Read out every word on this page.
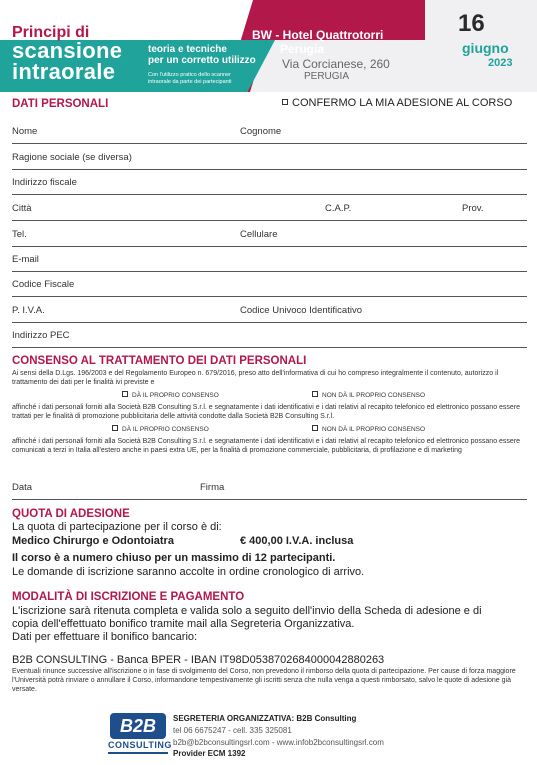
Principi di
scansione
intraorale
teoria e tecniche
per un corretto utilizzo
Con l'utilizzo pratico dello scanner
intraorale da parte dei partecipanti
BW - Hotel Quattrotorri
Perugia
Via Corcianese, 260
PERUGIA
16
giugno
2023
DATI PERSONALI	CONFERMO LA MIA ADESIONE AL CORSO
Nome	Cognome
Ragione sociale (se diversa)
Indirizzo fiscale
Città	C.A.P.	Prov.
Tel.	Cellulare
E-mail
Codice Fiscale
P. I.V.A.	Codice Univoco Identificativo
Indirizzo PEC
CONSENSO AL TRATTAMENTO DEI DATI PERSONALI
Ai sensi della D.Lgs. 196/2003 e del Regolamento Europeo n. 679/2016, preso atto dell'informativa di cui ho compreso integralmente il contenuto, autorizzo il trattamento dei dati per le finalità ivi previste e
DÀ IL PROPRIO CONSENSO	NON DÀ IL PROPRIO CONSENSO
affinché i dati personali forniti alla Società B2B Consulting S.r.l. e segnatamente i dati identificativi e i dati relativi al recapito telefonico ed elettronico possano essere trattati per le finalità di promozione pubblicitaria delle attività condotte dalla Società B2B Consulting S.r.l.
DÀ IL PROPRIO CONSENSO	NON DÀ IL PROPRIO CONSENSO
affinché i dati personali forniti alla Società B2B Consulting S.r.l. e segnatamente i dati identificativi e i dati relativi al recapito telefonico ed elettronico possano essere comunicati a terzi in Italia all'estero anche in paesi extra UE, per la finalità di promozione commerciale, pubblicitaria, di profilazione e di marketing
Data	Firma
QUOTA DI ADESIONE
La quota di partecipazione per il corso è di:
Medico Chirurgo e Odontoiatra	€ 400,00 I.V.A. inclusa
Il corso è a numero chiuso per un massimo di 12 partecipanti.
Le domande di iscrizione saranno accolte in ordine cronologico di arrivo.
MODALITÀ DI ISCRIZIONE E PAGAMENTO
L'iscrizione sarà ritenuta completa e valida solo a seguito dell'invio della Scheda di adesione e di
copia dell'effettuato bonifico tramite mail alla Segreteria Organizzativa.
Dati per effettuare il bonifico bancario:
B2B CONSULTING - Banca BPER - IBAN IT98D0538702684000042880263
Eventuali rinunce successive all'iscrizione o in fase di svolgimento del Corso, non prevedono il rimborso della quota di partecipazione. Per cause di forza maggiore l'Università potrà rinviare o annullare il Corso, informandone tempestivamente gli iscritti senza che nulla venga a questi rimborsato, salvo le quote di adesione già versate.
B2B
CONSULTING
SEGRETERIA ORGANIZZATIVA: B2B Consulting
tel 06 6675247 - cell. 335 325081
b2b@b2bconsultingsrl.com - www.infob2bconsultingsrl.com
Provider ECM 1392
